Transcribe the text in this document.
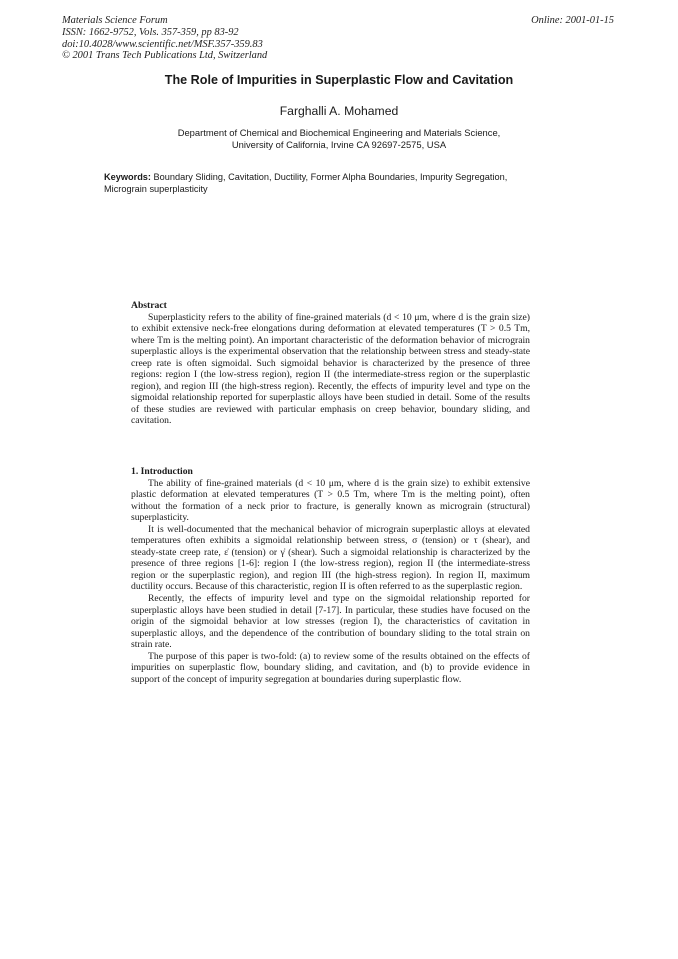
Materials Science Forum
ISSN: 1662-9752, Vols. 357-359, pp 83-92
doi:10.4028/www.scientific.net/MSF.357-359.83
© 2001 Trans Tech Publications Ltd, Switzerland
Online: 2001-01-15
The Role of Impurities in Superplastic Flow and Cavitation
Farghalli A. Mohamed
Department of Chemical and Biochemical Engineering and Materials Science,
University of California, Irvine CA 92697-2575, USA
Keywords: Boundary Sliding, Cavitation, Ductility, Former Alpha Boundaries, Impurity Segregation, Micrograin superplasticity
Abstract

Superplasticity refers to the ability of fine-grained materials (d < 10 μm, where d is the grain size) to exhibit extensive neck-free elongations during deformation at elevated temperatures (T > 0.5 Tm, where Tm is the melting point). An important characteristic of the deformation behavior of micrograin superplastic alloys is the experimental observation that the relationship between stress and steady-state creep rate is often sigmoidal. Such sigmoidal behavior is characterized by the presence of three regions: region I (the low-stress region), region II (the intermediate-stress region or the superplastic region), and region III (the high-stress region). Recently, the effects of impurity level and type on the sigmoidal relationship reported for superplastic alloys have been studied in detail. Some of the results of these studies are reviewed with particular emphasis on creep behavior, boundary sliding, and cavitation.

1. Introduction

The ability of fine-grained materials (d < 10 μm, where d is the grain size) to exhibit extensive plastic deformation at elevated temperatures (T > 0.5 Tm, where Tm is the melting point), often without the formation of a neck prior to fracture, is generally known as micrograin (structural) superplasticity.

It is well-documented that the mechanical behavior of micrograin superplastic alloys at elevated temperatures often exhibits a sigmoidal relationship between stress, σ (tension) or τ (shear), and steady-state creep rate, ε̇ (tension) or γ̇ (shear). Such a sigmoidal relationship is characterized by the presence of three regions [1-6]: region I (the low-stress region), region II (the intermediate-stress region or the superplastic region), and region III (the high-stress region). In region II, maximum ductility occurs. Because of this characteristic, region II is often referred to as the superplastic region.

Recently, the effects of impurity level and type on the sigmoidal relationship reported for superplastic alloys have been studied in detail [7-17]. In particular, these studies have focused on the origin of the sigmoidal behavior at low stresses (region I), the characteristics of cavitation in superplastic alloys, and the dependence of the contribution of boundary sliding to the total strain on strain rate.

The purpose of this paper is two-fold: (a) to review some of the results obtained on the effects of impurities on superplastic flow, boundary sliding, and cavitation, and (b) to provide evidence in support of the concept of impurity segregation at boundaries during superplastic flow.
